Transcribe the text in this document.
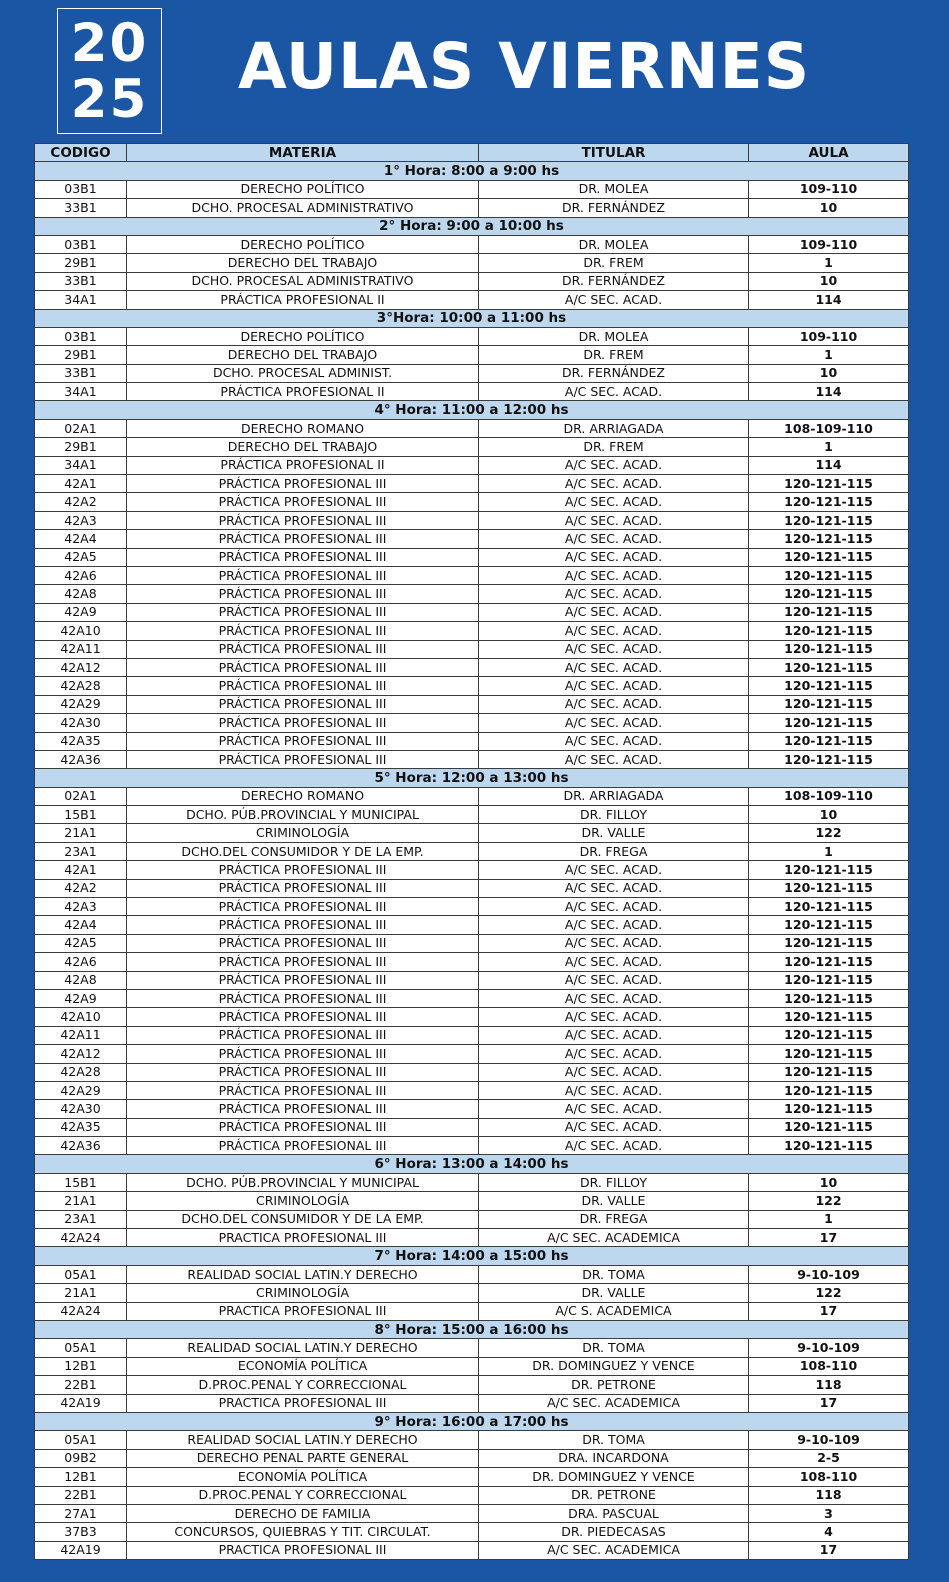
20
25 AULAS VIERNES
CODIGO	MATERIA	TITULAR	AULA
1° Hora: 8:00 a 9:00 hs			
03B1	DERECHO POLÍTICO	DR. MOLEA	109-110
33B1	DCHO. PROCESAL ADMINISTRATIVO	DR. FERNÁNDEZ	10
2° Hora: 9:00 a 10:00 hs			
03B1	DERECHO POLÍTICO	DR. MOLEA	109-110
29B1	DERECHO DEL TRABAJO	DR. FREM	1
33B1	DCHO. PROCESAL ADMINISTRATIVO	DR. FERNÁNDEZ	10
34A1	PRÁCTICA PROFESIONAL II	A/C SEC. ACAD.	114
3°Hora: 10:00 a 11:00 hs			
03B1	DERECHO POLÍTICO	DR. MOLEA	109-110
29B1	DERECHO DEL TRABAJO	DR. FREM	1
33B1	DCHO. PROCESAL ADMINIST.	DR. FERNÁNDEZ	10
34A1	PRÁCTICA PROFESIONAL II	A/C SEC. ACAD.	114
4° Hora: 11:00 a 12:00 hs			
02A1	DERECHO ROMANO	DR. ARRIAGADA	108-109-110
29B1	DERECHO DEL TRABAJO	DR. FREM	1
34A1	PRÁCTICA PROFESIONAL II	A/C SEC. ACAD.	114
42A1	PRÁCTICA PROFESIONAL III	A/C SEC. ACAD.	120-121-115
42A2	PRÁCTICA PROFESIONAL III	A/C SEC. ACAD.	120-121-115
42A3	PRÁCTICA PROFESIONAL III	A/C SEC. ACAD.	120-121-115
42A4	PRÁCTICA PROFESIONAL III	A/C SEC. ACAD.	120-121-115
42A5	PRÁCTICA PROFESIONAL III	A/C SEC. ACAD.	120-121-115
42A6	PRÁCTICA PROFESIONAL III	A/C SEC. ACAD.	120-121-115
42A8	PRÁCTICA PROFESIONAL III	A/C SEC. ACAD.	120-121-115
42A9	PRÁCTICA PROFESIONAL III	A/C SEC. ACAD.	120-121-115
42A10	PRÁCTICA PROFESIONAL III	A/C SEC. ACAD.	120-121-115
42A11	PRÁCTICA PROFESIONAL III	A/C SEC. ACAD.	120-121-115
42A12	PRÁCTICA PROFESIONAL III	A/C SEC. ACAD.	120-121-115
42A28	PRÁCTICA PROFESIONAL III	A/C SEC. ACAD.	120-121-115
42A29	PRÁCTICA PROFESIONAL III	A/C SEC. ACAD.	120-121-115
42A30	PRÁCTICA PROFESIONAL III	A/C SEC. ACAD.	120-121-115
42A35	PRÁCTICA PROFESIONAL III	A/C SEC. ACAD.	120-121-115
42A36	PRÁCTICA PROFESIONAL III	A/C SEC. ACAD.	120-121-115
5° Hora: 12:00 a 13:00 hs			
02A1	DERECHO ROMANO	DR. ARRIAGADA	108-109-110
15B1	DCHO. PÚB.PROVINCIAL Y MUNICIPAL	DR. FILLOY	10
21A1	CRIMINOLOGÍA	DR. VALLE	122
23A1	DCHO.DEL CONSUMIDOR Y DE LA EMP.	DR. FREGA	1
42A1	PRÁCTICA PROFESIONAL III	A/C SEC. ACAD.	120-121-115
42A2	PRÁCTICA PROFESIONAL III	A/C SEC. ACAD.	120-121-115
42A3	PRÁCTICA PROFESIONAL III	A/C SEC. ACAD.	120-121-115
42A4	PRÁCTICA PROFESIONAL III	A/C SEC. ACAD.	120-121-115
42A5	PRÁCTICA PROFESIONAL III	A/C SEC. ACAD.	120-121-115
42A6	PRÁCTICA PROFESIONAL III	A/C SEC. ACAD.	120-121-115
42A8	PRÁCTICA PROFESIONAL III	A/C SEC. ACAD.	120-121-115
42A9	PRÁCTICA PROFESIONAL III	A/C SEC. ACAD.	120-121-115
42A10	PRÁCTICA PROFESIONAL III	A/C SEC. ACAD.	120-121-115
42A11	PRÁCTICA PROFESIONAL III	A/C SEC. ACAD.	120-121-115
42A12	PRÁCTICA PROFESIONAL III	A/C SEC. ACAD.	120-121-115
42A28	PRÁCTICA PROFESIONAL III	A/C SEC. ACAD.	120-121-115
42A29	PRÁCTICA PROFESIONAL III	A/C SEC. ACAD.	120-121-115
42A30	PRÁCTICA PROFESIONAL III	A/C SEC. ACAD.	120-121-115
42A35	PRÁCTICA PROFESIONAL III	A/C SEC. ACAD.	120-121-115
42A36	PRÁCTICA PROFESIONAL III	A/C SEC. ACAD.	120-121-115
6° Hora: 13:00 a 14:00 hs			
15B1	DCHO. PÚB.PROVINCIAL Y MUNICIPAL	DR. FILLOY	10
21A1	CRIMINOLOGÍA	DR. VALLE	122
23A1	DCHO.DEL CONSUMIDOR Y DE LA EMP.	DR. FREGA	1
42A24	PRACTICA PROFESIONAL III	A/C SEC. ACADEMICA	17
7° Hora: 14:00 a 15:00 hs			
05A1	REALIDAD SOCIAL LATIN.Y DERECHO	DR. TOMA	9-10-109
21A1	CRIMINOLOGÍA	DR. VALLE	122
42A24	PRACTICA PROFESIONAL III	A/C S. ACADEMICA	17
8° Hora: 15:00 a 16:00 hs			
05A1	REALIDAD SOCIAL LATIN.Y DERECHO	DR. TOMA	9-10-109
12B1	ECONOMÍA POLÍTICA	DR. DOMINGUEZ Y VENCE	108-110
22B1	D.PROC.PENAL Y CORRECCIONAL	DR. PETRONE	118
42A19	PRACTICA PROFESIONAL III	A/C SEC. ACADEMICA	17
9° Hora: 16:00 a 17:00 hs			
05A1	REALIDAD SOCIAL LATIN.Y DERECHO	DR. TOMA	9-10-109
09B2	DERECHO PENAL PARTE GENERAL	DRA. INCARDONA	2-5
12B1	ECONOMÍA POLÍTICA	DR. DOMINGUEZ Y VENCE	108-110
22B1	D.PROC.PENAL Y CORRECCIONAL	DR. PETRONE	118
27A1	DERECHO DE FAMILIA	DRA. PASCUAL	3
37B3	CONCURSOS, QUIEBRAS Y TIT. CIRCULAT.	DR. PIEDECASAS	4
42A19	PRACTICA PROFESIONAL III	A/C SEC. ACADEMICA	17
